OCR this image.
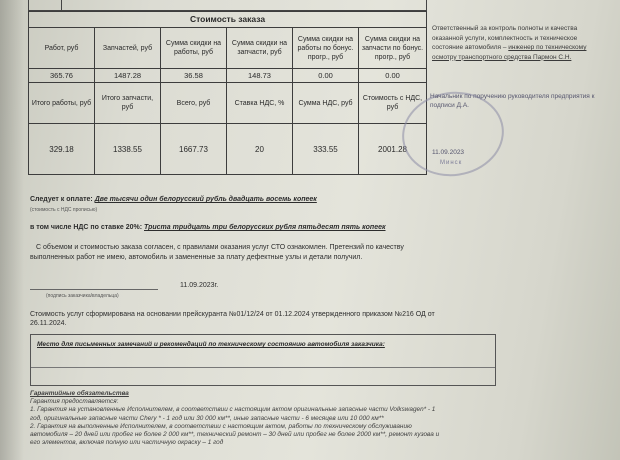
Стоимость заказа					
Работ, руб	Запчастей, руб	Сумма скидки на работы, руб	Сумма скидки на запчасти, руб	Сумма скидки на работы по бонус. прогр., руб	Сумма скидки на запчасти по бонус. прогр., руб
365.76	1487.28	36.58	148.73	0.00	0.00
Итого работы, руб	Итого запчасти, руб	Всего, руб	Ставка НДС, %	Сумма НДС, руб	Стоимость с НДС, руб
329.18	1338.55	1667.73	20	333.55	2001.28
Ответственный за контроль полноты и качества оказанной услуги, комплектность и техническое состояние автомобиля – инженер по техническому осмотру транспортного средства Пармон С.Н.
Начальник по поручению руководителя предприятия к подписи Д.А.
11.09.2023
Минск
Следует к оплате: Две тысячи один белорусский рубль двадцать восемь копеек
(стоимость с НДС прописью)
в том числе НДС по ставке 20%: Триста тридцать три белорусских рубля пятьдесят пять копеек
С объемом и стоимостью заказа согласен, с правилами оказания услуг СТО ознакомлен. Претензий по качеству
выполненных работ не имею, автомобиль и замененные за плату дефектные узлы и детали получил.
(подпись заказчика/владельца)
11.09.2023г.
Стоимость услуг сформирована на основании прейскуранта №01/12/24 от 01.12.2024 утвержденного приказом №216 ОД от
26.11.2024.
Место для письменных замечаний и рекомендаций по техническому состоянию автомобиля заказчика:
Гарантийные обязательства
Гарантия предоставляется:
1. Гарантия на установленные Исполнителем, в соответствии с настоящим актом оригинальные запасные части Volkswagen* - 1
год, оригинальные запасные части Chery * - 1 год или 30 000 км**, иные запасные части - 6 месяцев или 10 000 км**
2. Гарантия на выполненные Исполнителем, в соответствии с настоящим актом, работы по техническому обслуживанию
автомобиля – 20 дней или пробег не более 2 000 км**, технический ремонт – 30 дней или пробег не более 2000 км**, ремонт кузова и
его элементов, включая полную или частичную окраску – 1 год
